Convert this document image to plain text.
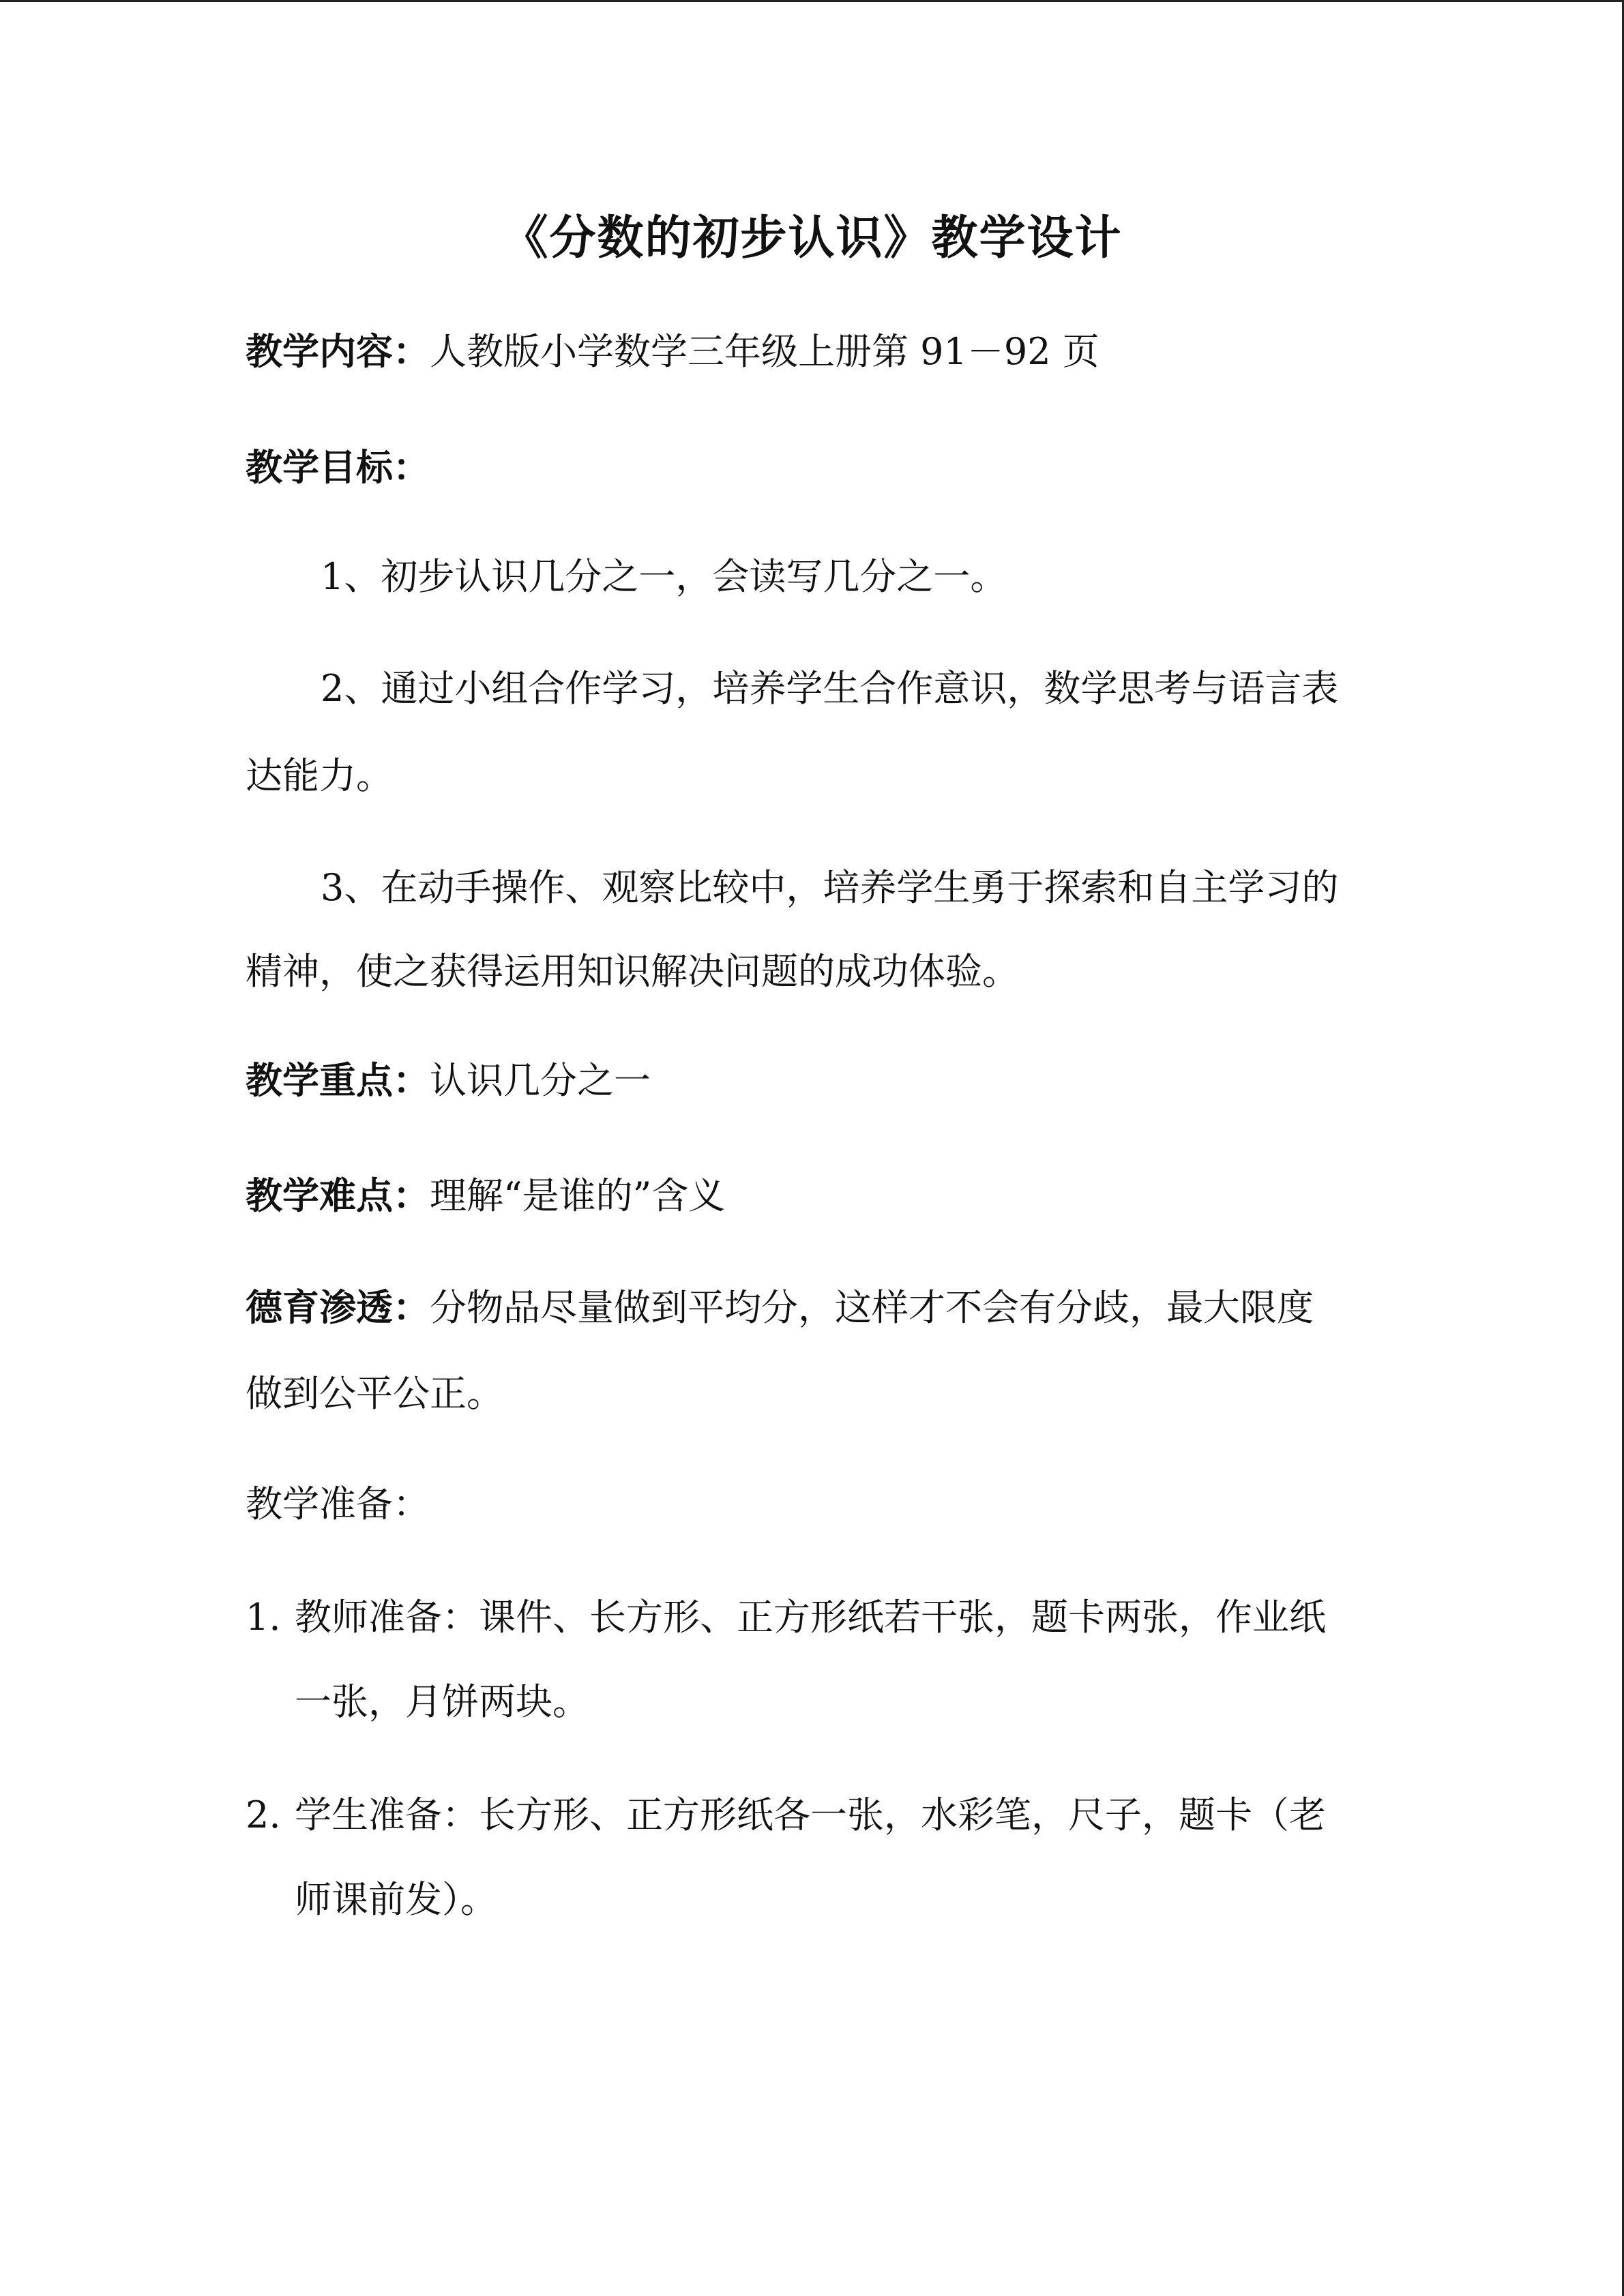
《分数的初步认识》教学设计
教学内容：人教版小学数学三年级上册第 91－92 页
教学目标：
1、初步认识几分之一，会读写几分之一。
2、通过小组合作学习，培养学生合作意识，数学思考与语言表
达能力。
3、在动手操作、观察比较中，培养学生勇于探索和自主学习的
精神，使之获得运用知识解决问题的成功体验。
教学重点：认识几分之一
教学难点：理解“是谁的”含义
德育渗透：分物品尽量做到平均分，这样才不会有分歧，最大限度
做到公平公正。
教学准备：
1. 教师准备：课件、长方形、正方形纸若干张，题卡两张，作业纸
一张，月饼两块。
2. 学生准备：长方形、正方形纸各一张，水彩笔，尺子，题卡（老
师课前发）。
